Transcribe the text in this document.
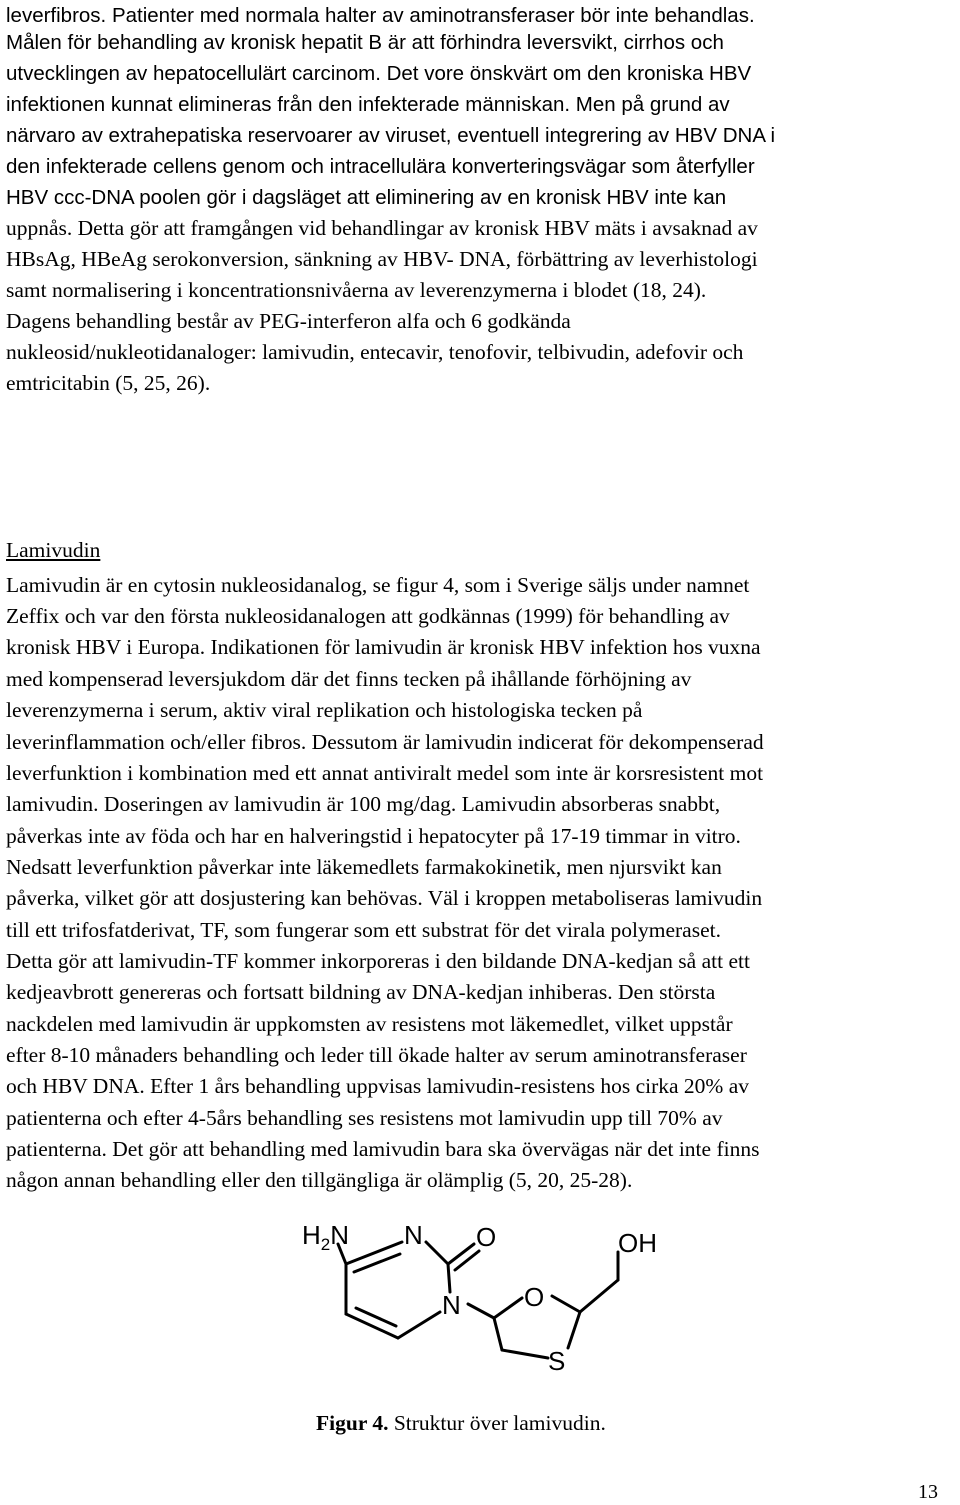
leverfibros. Patienter med normala halter av aminotransferaser bör inte behandlas.
Målen för behandling av kronisk hepatit B är att förhindra leversvikt, cirrhos och
utvecklingen av hepatocellulärt carcinom. Det vore önskvärt om den kroniska HBV
infektionen kunnat elimineras från den infekterade människan. Men på grund av
närvaro av extrahepatiska reservoarer av viruset, eventuell integrering av HBV DNA i
den infekterade cellens genom och intracellulära konverteringsvägar som återfyller
HBV ccc-DNA poolen gör i dagsläget att eliminering av en kronisk HBV inte kan
uppnås. Detta gör att framgången vid behandlingar av kronisk HBV mäts i avsaknad av
HBsAg, HBeAg serokonversion, sänkning av HBV- DNA, förbättring av leverhistologi
samt normalisering i koncentrationsnivåerna av leverenzymerna i blodet (18, 24).
Dagens behandling består av PEG-interferon alfa och 6 godkända
nukleosid/nukleotidanaloger: lamivudin, entecavir, tenofovir, telbivudin, adefovir och
emtricitabin (5, 25, 26).
Lamivudin
Lamivudin är en cytosin nukleosidanalog, se figur 4, som i Sverige säljs under namnet
Zeffix och var den första nukleosidanalogen att godkännas (1999) för behandling av
kronisk HBV i Europa. Indikationen för lamivudin är kronisk HBV infektion hos vuxna
med kompenserad leversjukdom där det finns tecken på ihållande förhöjning av
leverenzymerna i serum, aktiv viral replikation och histologiska tecken på
leverinflammation och/eller fibros. Dessutom är lamivudin indicerat för dekompenserad
leverfunktion i kombination med ett annat antiviralt medel som inte är korsresistent mot
lamivudin. Doseringen av lamivudin är 100 mg/dag. Lamivudin absorberas snabbt,
påverkas inte av föda och har en halveringstid i hepatocyter på 17-19 timmar in vitro.
Nedsatt leverfunktion påverkar inte läkemedlets farmakokinetik, men njursvikt kan
påverka, vilket gör att dosjustering kan behövas. Väl i kroppen metaboliseras lamivudin
till ett trifosfatderivat, TF, som fungerar som ett substrat för det virala polymeraset.
Detta gör att lamivudin-TF kommer inkorporeras i den bildande DNA-kedjan så att ett
kedjeavbrott genereras och fortsatt bildning av DNA-kedjan inhiberas. Den största
nackdelen med lamivudin är uppkomsten av resistens mot läkemedlet, vilket uppstår
efter 8-10 månaders behandling och leder till ökade halter av serum aminotransferaser
och HBV DNA. Efter 1 års behandling uppvisas lamivudin-resistens hos cirka 20% av
patienterna och efter 4-5års behandling ses resistens mot lamivudin upp till 70% av
patienterna. Det gör att behandling med lamivudin bara ska övervägas när det inte finns
någon annan behandling eller den tillgängliga är olämplig (5, 20, 25-28).
$H_2N$ N O
N O
S
OH
Figur 4. Struktur över lamivudin.
13
